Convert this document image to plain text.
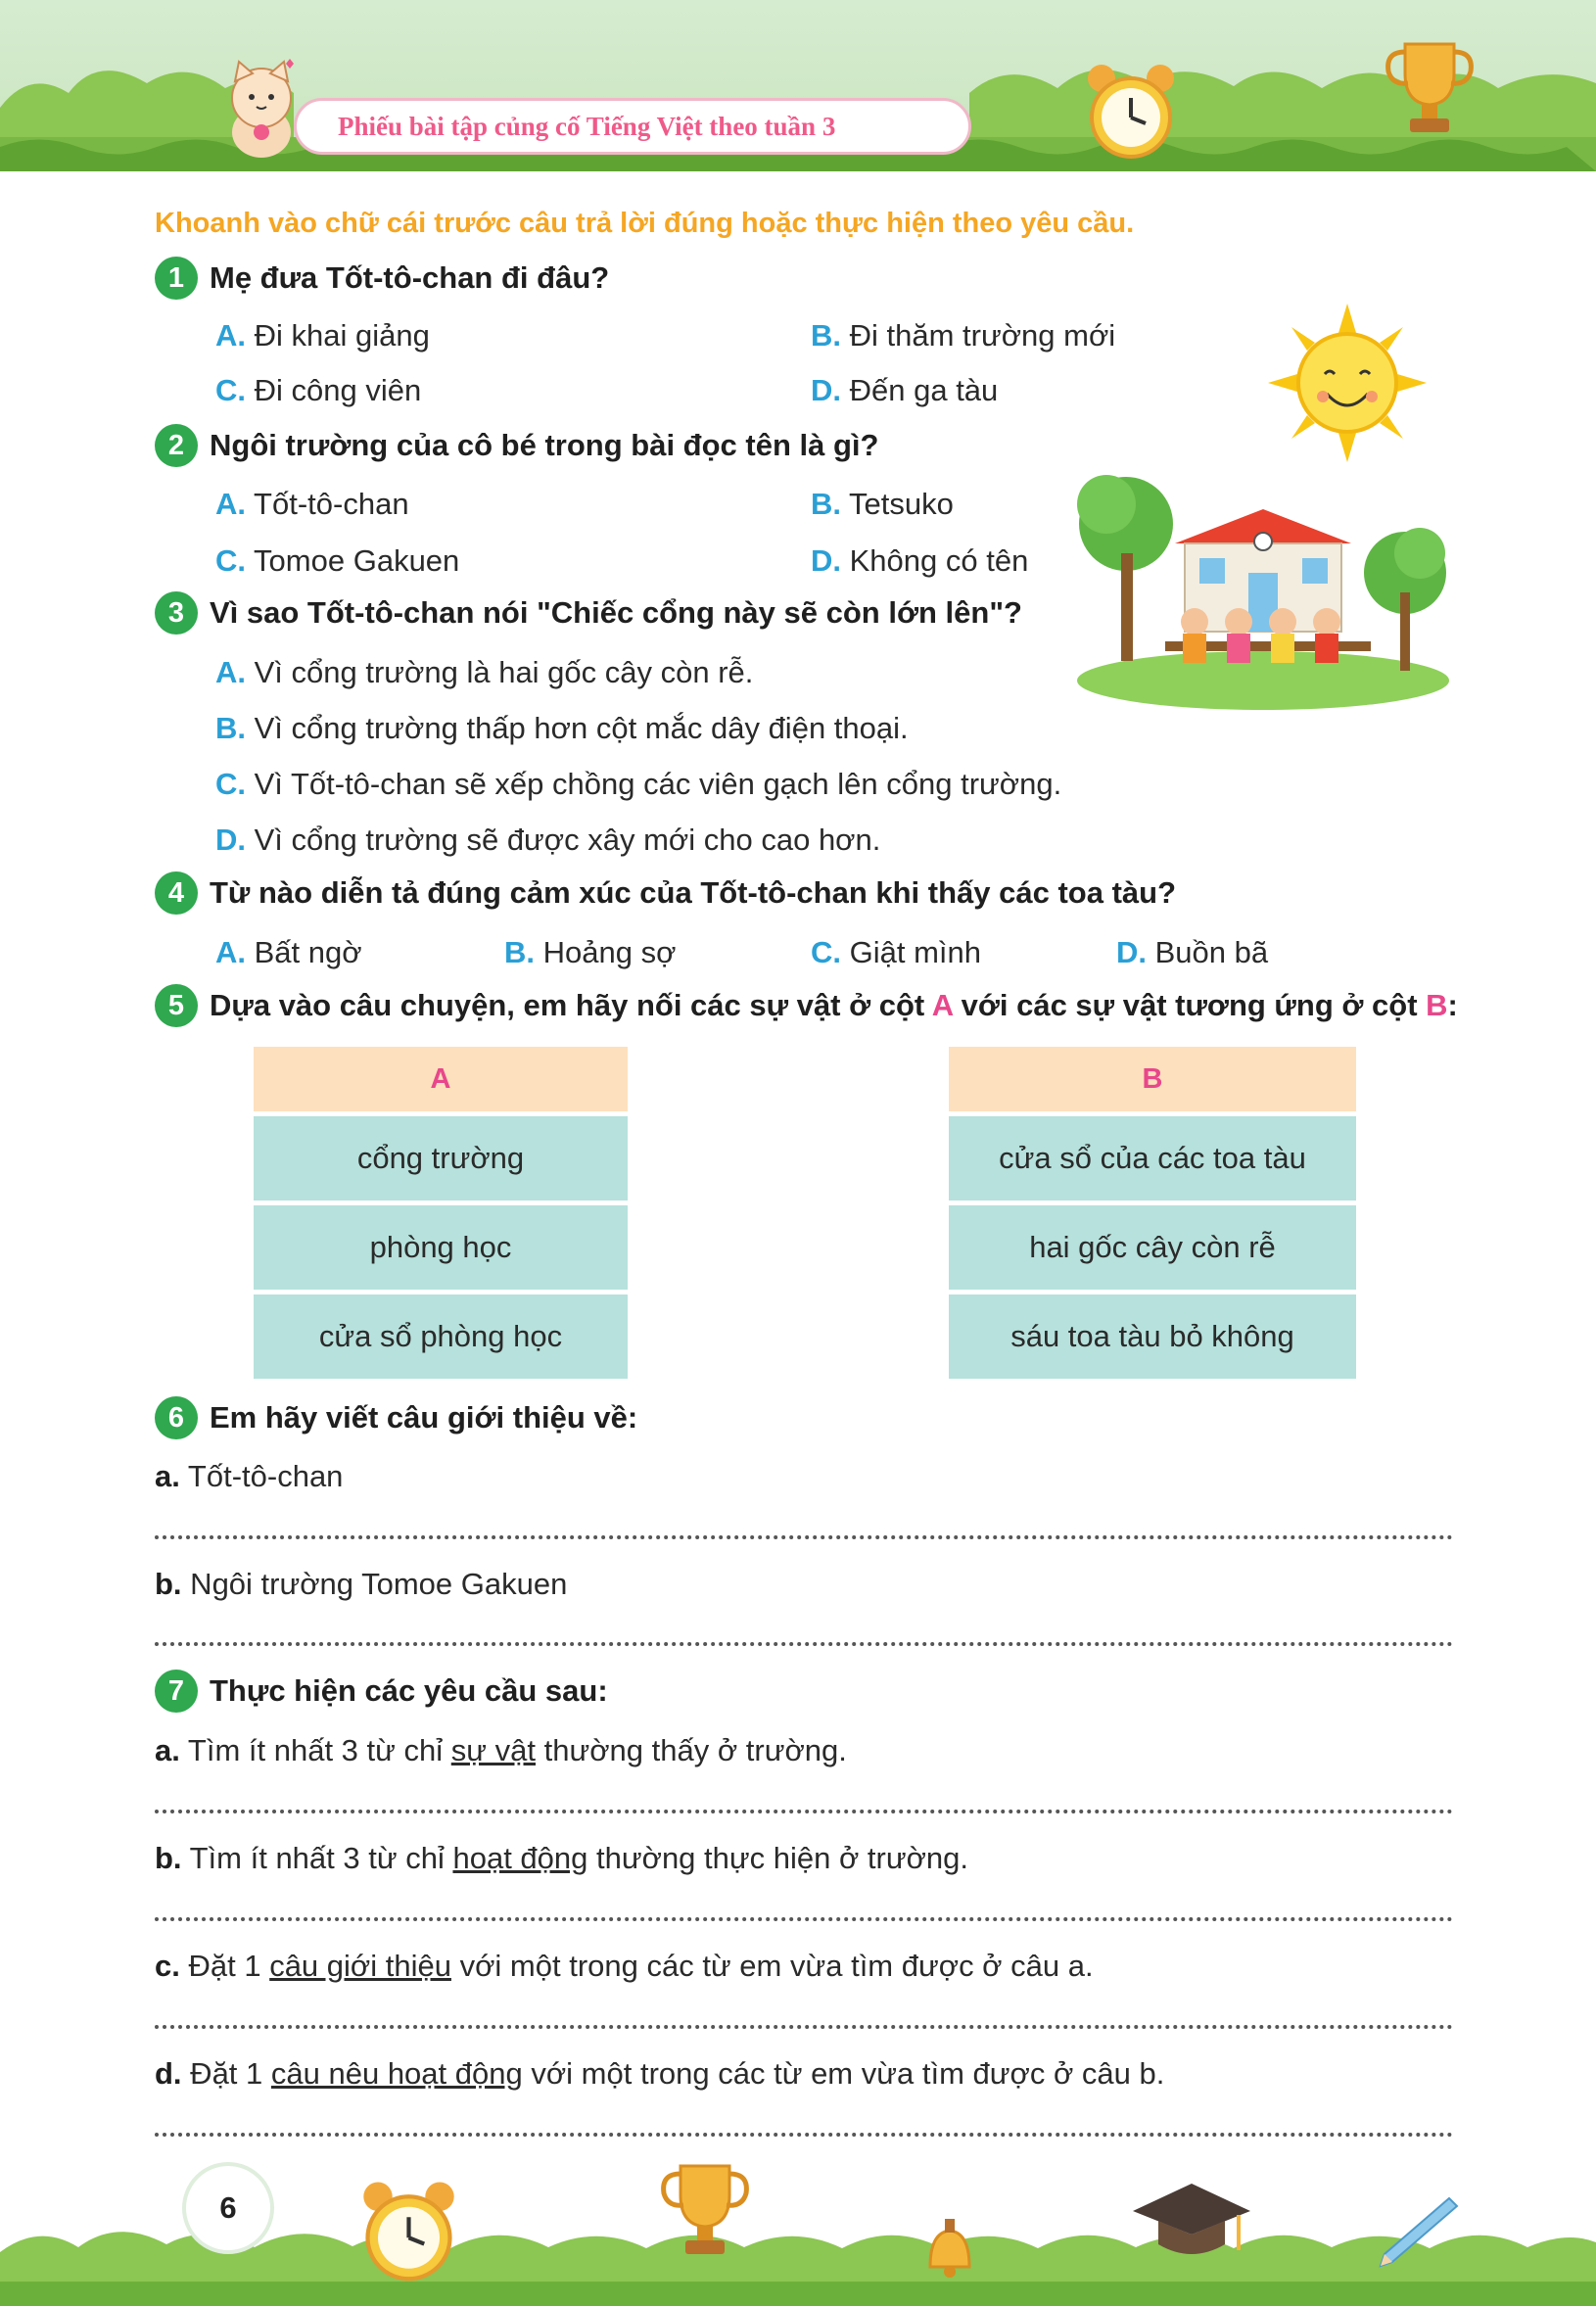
Phiếu bài tập củng cố Tiếng Việt theo tuần 3
Khoanh vào chữ cái trước câu trả lời đúng hoặc thực hiện theo yêu cầu.
1 Mẹ đưa Tốt-tô-chan đi đâu?
A. Đi khai giảng	B. Đi thăm trường mới
C. Đi công viên	D. Đến ga tàu
2 Ngôi trường của cô bé trong bài đọc tên là gì?
A. Tốt-tô-chan	B. Tetsuko
C. Tomoe Gakuen	D. Không có tên
3 Vì sao Tốt-tô-chan nói "Chiếc cổng này sẽ còn lớn lên"?
A. Vì cổng trường là hai gốc cây còn rễ.
B. Vì cổng trường thấp hơn cột mắc dây điện thoại.
C. Vì Tốt-tô-chan sẽ xếp chồng các viên gạch lên cổng trường.
D. Vì cổng trường sẽ được xây mới cho cao hơn.
4 Từ nào diễn tả đúng cảm xúc của Tốt-tô-chan khi thấy các toa tàu?
A. Bất ngờ	B. Hoảng sợ	C. Giật mình	D. Buồn bã
5 Dựa vào câu chuyện, em hãy nối các sự vật ở cột A với các sự vật tương ứng ở cột B:
A
cổng trường
phòng học
cửa sổ phòng học
B
cửa sổ của các toa tàu
hai gốc cây còn rễ
sáu toa tàu bỏ không
6 Em hãy viết câu giới thiệu về:
a. Tốt-tô-chan
b. Ngôi trường Tomoe Gakuen
7 Thực hiện các yêu cầu sau:
a. Tìm ít nhất 3 từ chỉ sự vật thường thấy ở trường.
b. Tìm ít nhất 3 từ chỉ hoạt động thường thực hiện ở trường.
c. Đặt 1 câu giới thiệu với một trong các từ em vừa tìm được ở câu a.
d. Đặt 1 câu nêu hoạt động với một trong các từ em vừa tìm được ở câu b.
6
